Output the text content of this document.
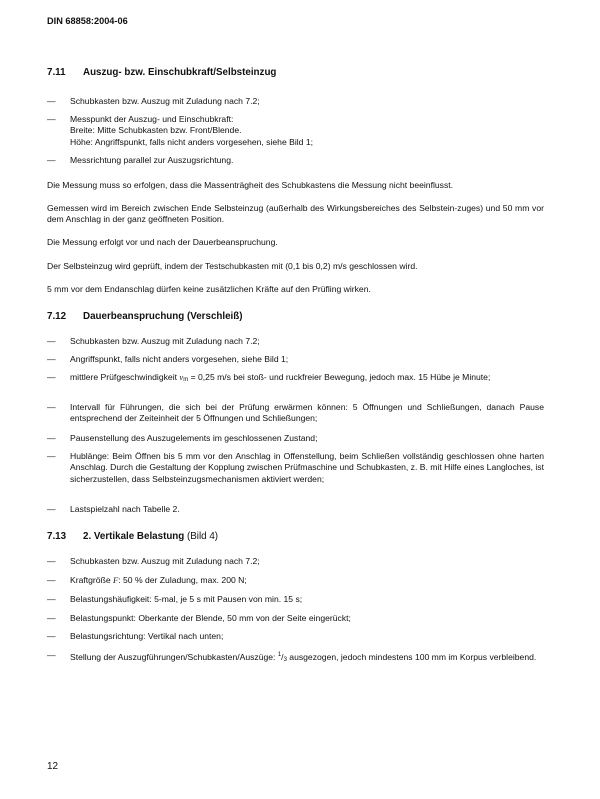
DIN 68858:2004-06
7.11 Auszug- bzw. Einschubkraft/Selbsteinzug
— Schubkasten bzw. Auszug mit Zuladung nach 7.2;
— Messpunkt der Auszug- und Einschubkraft:
Breite: Mitte Schubkasten bzw. Front/Blende.
Höhe: Angriffspunkt, falls nicht anders vorgesehen, siehe Bild 1;
— Messrichtung parallel zur Auszugsrichtung.
Die Messung muss so erfolgen, dass die Massenträgheit des Schubkastens die Messung nicht beeinflusst.
Gemessen wird im Bereich zwischen Ende Selbsteinzug (außerhalb des Wirkungsbereiches des Selbstein-zuges) und 50 mm vor dem Anschlag in der ganz geöffneten Position.
Die Messung erfolgt vor und nach der Dauerbeanspruchung.
Der Selbsteinzug wird geprüft, indem der Testschubkasten mit (0,1 bis 0,2) m/s geschlossen wird.
5 mm vor dem Endanschlag dürfen keine zusätzlichen Kräfte auf den Prüfling wirken.
7.12 Dauerbeanspruchung (Verschleiß)
— Schubkasten bzw. Auszug mit Zuladung nach 7.2;
— Angriffspunkt, falls nicht anders vorgesehen, siehe Bild 1;
— mittlere Prüfgeschwindigkeit vm = 0,25 m/s bei stoß- und ruckfreier Bewegung, jedoch max. 15 Hübe je Minute;
— Intervall für Führungen, die sich bei der Prüfung erwärmen können: 5 Öffnungen und Schließungen, danach Pause entsprechend der Zeiteinheit der 5 Öffnungen und Schließungen;
— Pausenstellung des Auszugelements im geschlossenen Zustand;
— Hublänge: Beim Öffnen bis 5 mm vor den Anschlag in Offenstellung, beim Schließen vollständig geschlossen ohne harten Anschlag. Durch die Gestaltung der Kopplung zwischen Prüfmaschine und Schubkasten, z. B. mit Hilfe eines Langloches, ist sicherzustellen, dass Selbsteinzugsmechanismen aktiviert werden;
— Lastspielzahl nach Tabelle 2.
7.13 2. Vertikale Belastung (Bild 4)
— Schubkasten bzw. Auszug mit Zuladung nach 7.2;
— Kraftgröße F: 50 % der Zuladung, max. 200 N;
— Belastungshäufigkeit: 5-mal, je 5 s mit Pausen von min. 15 s;
— Belastungspunkt: Oberkante der Blende, 50 mm von der Seite eingerückt;
— Belastungsrichtung: Vertikal nach unten;
— Stellung der Auszugführungen/Schubkasten/Auszüge: $^1$/3 ausgezogen, jedoch mindestens 100 mm im Korpus verbleibend.
12
